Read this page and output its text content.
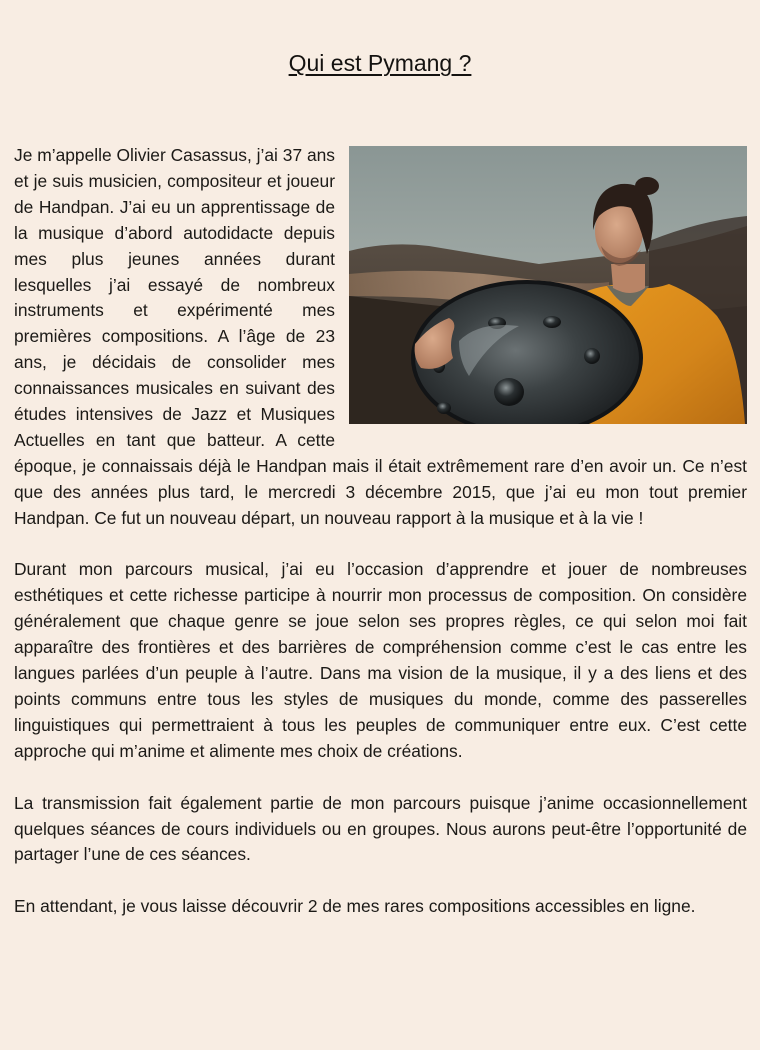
Qui est Pymang ?

Je m’appelle Olivier Casassus, j’ai 37 ans et je suis musicien, compositeur et joueur de Handpan. J’ai eu un apprentissage de la musique d’abord autodidacte depuis mes plus jeunes années durant lesquelles j’ai essayé de nombreux instruments et expérimenté mes premières compositions. A l’âge de 23 ans, je décidais de consolider mes connaissances musicales en suivant des études intensives de Jazz et Musiques Actuelles en tant que batteur. A cette époque, je connaissais déjà le Handpan mais il était extrêmement rare d’en avoir un. Ce n’est que des années plus tard, le mercredi 3 décembre 2015, que j’ai eu mon tout premier Handpan. Ce fut un nouveau départ, un nouveau rapport à la musique et à la vie !

Durant mon parcours musical, j’ai eu l’occasion d’apprendre et jouer de nombreuses esthétiques et cette richesse participe à nourrir mon processus de composition. On considère généralement que chaque genre se joue selon ses propres règles, ce qui selon moi fait apparaître des frontières et des barrières de compréhension comme c’est le cas entre les langues parlées d’un peuple à l’autre. Dans ma vision de la musique, il y a des liens et des points communs entre tous les styles de musiques du monde, comme des passerelles linguistiques qui permettraient à tous les peuples de communiquer entre eux. C’est cette approche qui m’anime et alimente mes choix de créations.

La transmission fait également partie de mon parcours puisque j’anime occasionnellement quelques séances de cours individuels ou en groupes. Nous aurons peut-être l’opportunité de partager l’une de ces séances.

En attendant, je vous laisse découvrir 2 de mes rares compositions accessibles en ligne.
